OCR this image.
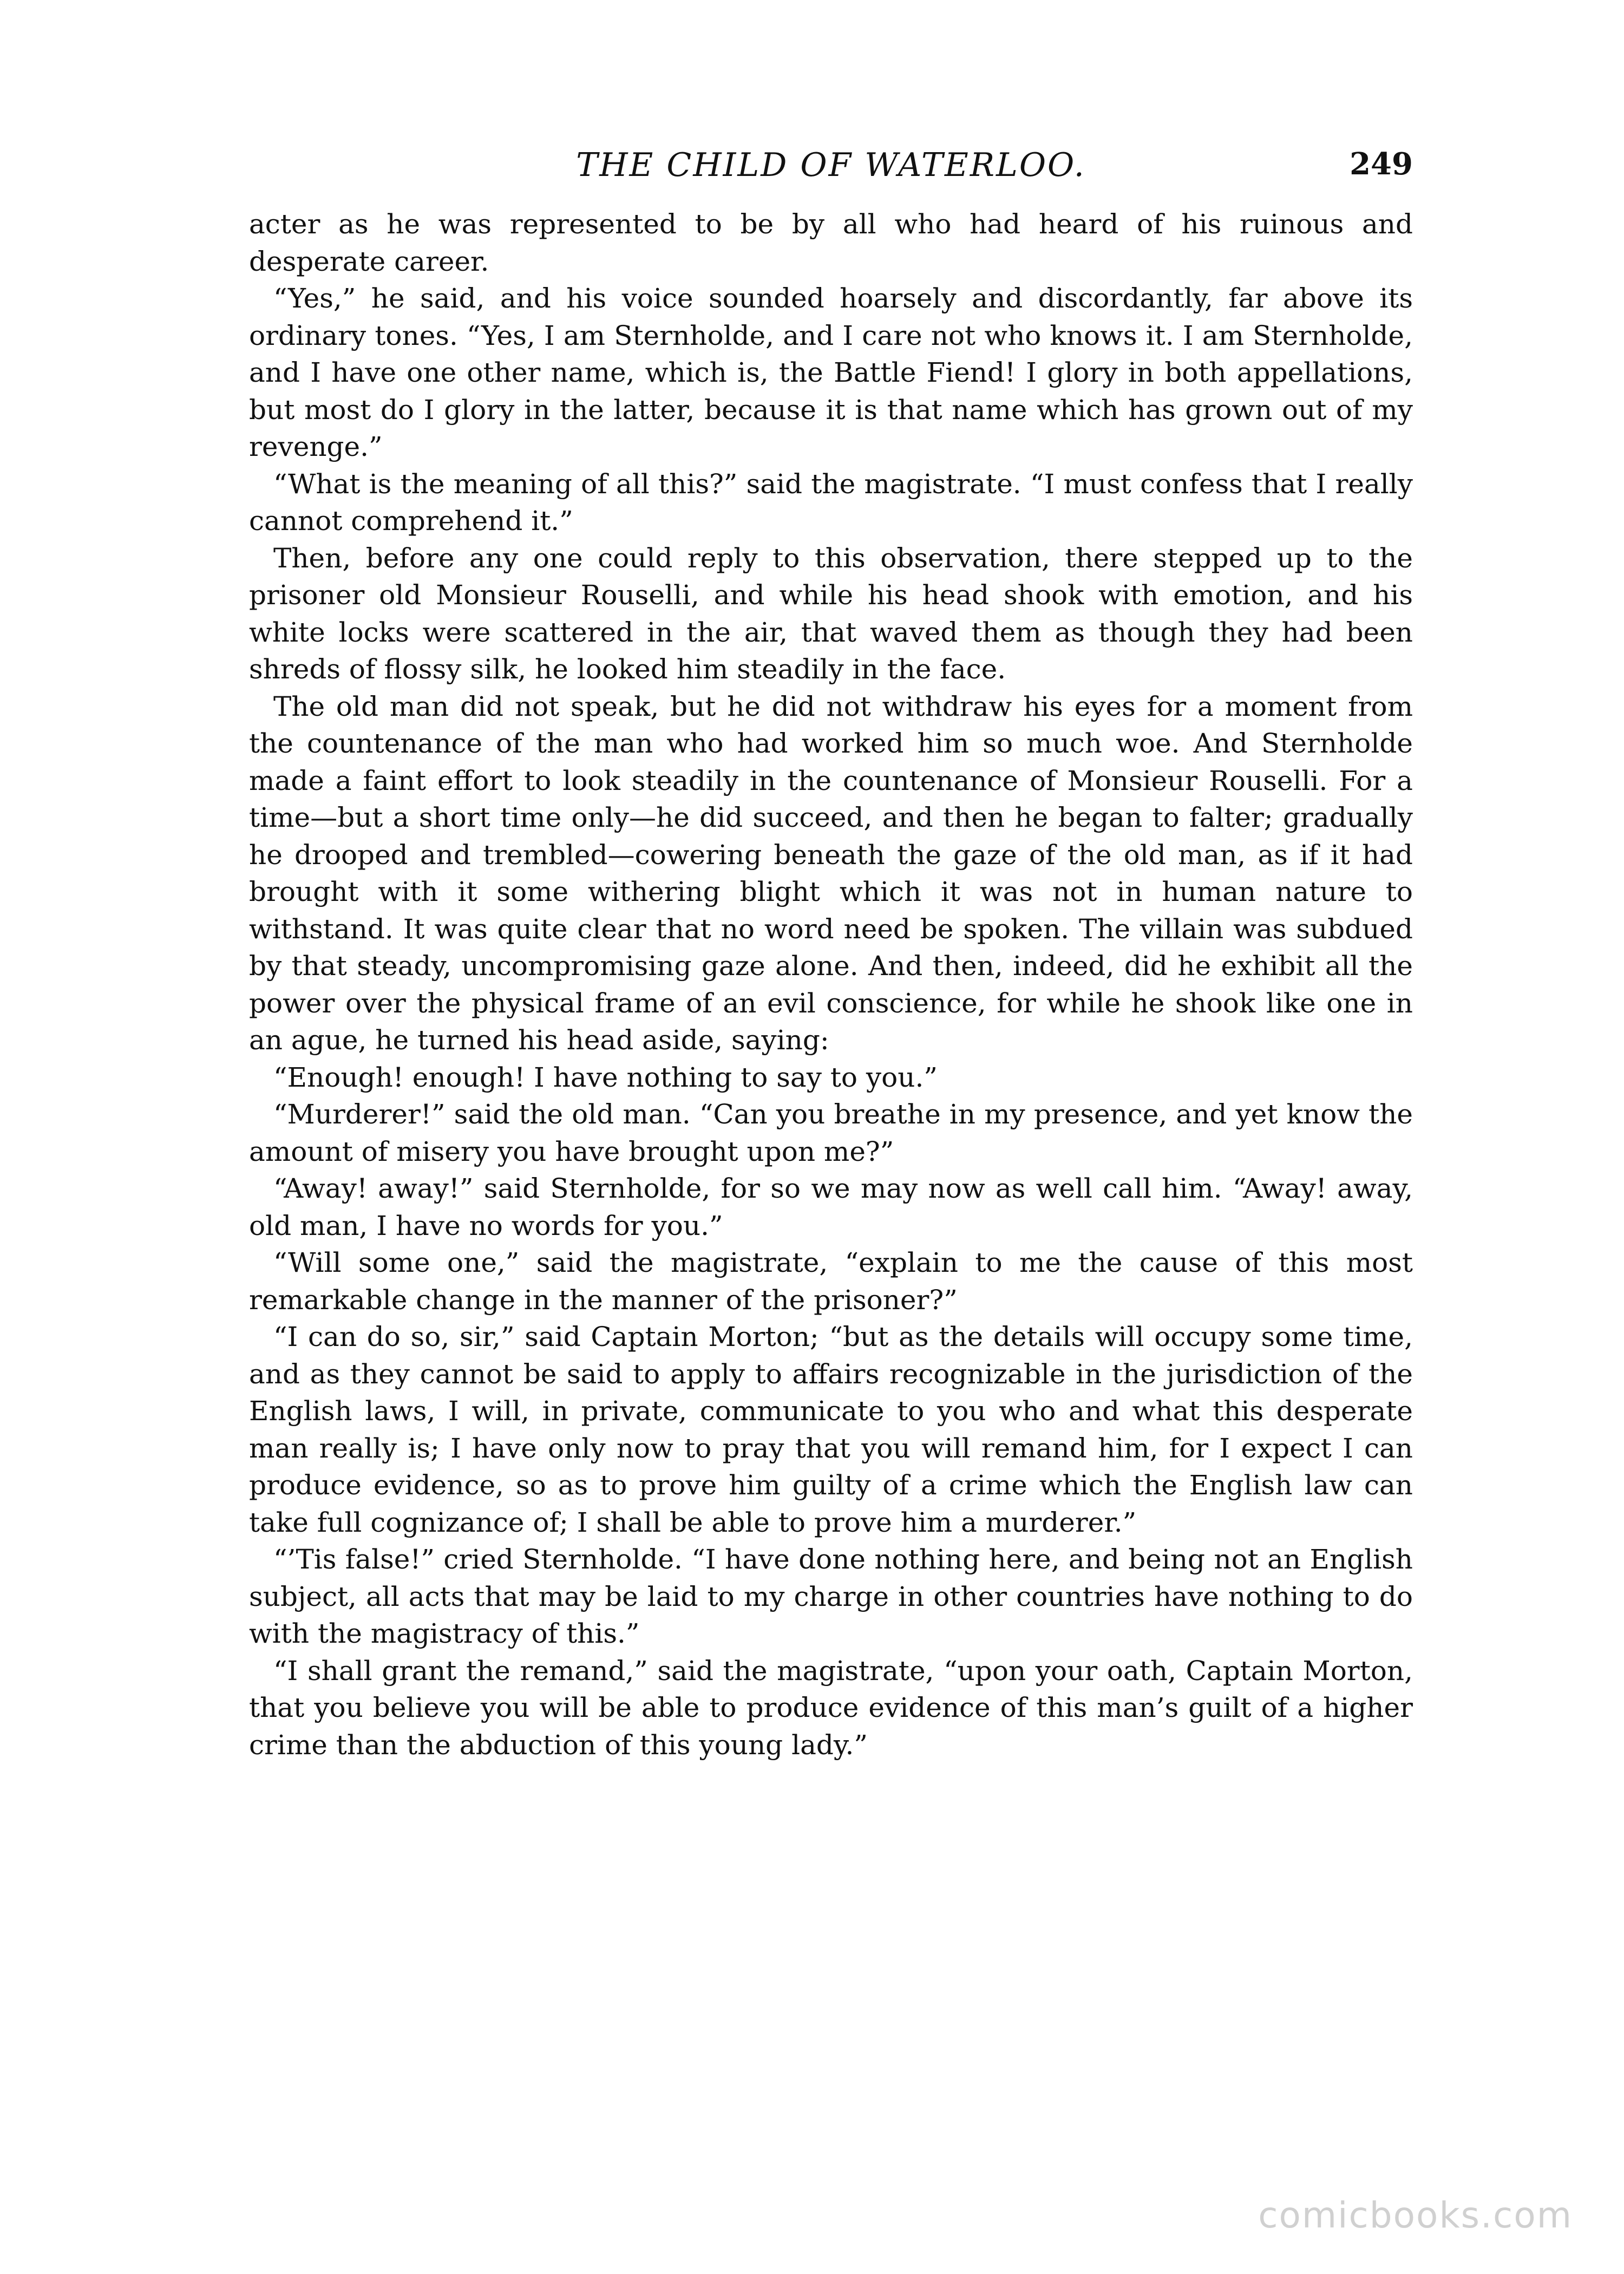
THE CHILD OF WATERLOO.	249

acter as he was represented to be by all who had heard of his ruinous and desperate career.

“Yes,” he said, and his voice sounded hoarsely and discordantly, far above its ordinary tones. “Yes, I am Sternholde, and I care not who knows it. I am Sternholde, and I have one other name, which is, the Battle Fiend! I glory in both appellations, but most do I glory in the latter, because it is that name which has grown out of my revenge.”

“What is the meaning of all this?” said the magistrate. “I must confess that I really cannot comprehend it.”

Then, before any one could reply to this observation, there stepped up to the prisoner old Monsieur Rouselli, and while his head shook with emotion, and his white locks were scattered in the air, that waved them as though they had been shreds of flossy silk, he looked him steadily in the face.

The old man did not speak, but he did not withdraw his eyes for a moment from the countenance of the man who had worked him so much woe. And Sternholde made a faint effort to look steadily in the countenance of Monsieur Rouselli. For a time—but a short time only—he did succeed, and then he began to falter; gradually he drooped and trembled—cowering beneath the gaze of the old man, as if it had brought with it some withering blight which it was not in human nature to withstand. It was quite clear that no word need be spoken. The villain was subdued by that steady, uncompromising gaze alone. And then, indeed, did he exhibit all the power over the physical frame of an evil conscience, for while he shook like one in an ague, he turned his head aside, saying:

“Enough! enough! I have nothing to say to you.”

“Murderer!” said the old man. “Can you breathe in my presence, and yet know the amount of misery you have brought upon me?”

“Away! away!” said Sternholde, for so we may now as well call him. “Away! away, old man, I have no words for you.”

“Will some one,” said the magistrate, “explain to me the cause of this most remarkable change in the manner of the prisoner?”

“I can do so, sir,” said Captain Morton; “but as the details will occupy some time, and as they cannot be said to apply to affairs recognizable in the jurisdiction of the English laws, I will, in private, communicate to you who and what this desperate man really is; I have only now to pray that you will remand him, for I expect I can produce evidence, so as to prove him guilty of a crime which the English law can take full cognizance of; I shall be able to prove him a murderer.”

“’Tis false!” cried Sternholde. “I have done nothing here, and being not an English subject, all acts that may be laid to my charge in other countries have nothing to do with the magistracy of this.”

“I shall grant the remand,” said the magistrate, “upon your oath, Captain Morton, that you believe you will be able to produce evidence of this man’s guilt of a higher crime than the abduction of this young lady.”

comicbooks.com
